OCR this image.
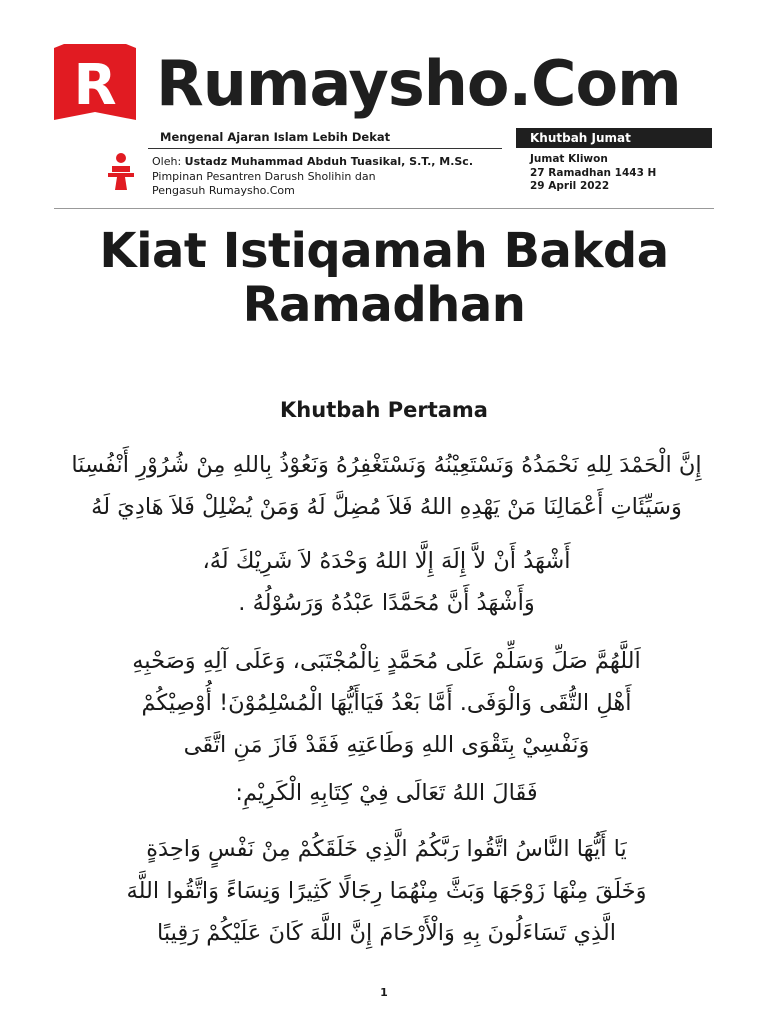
R Rumaysho.Com
Mengenal Ajaran Islam Lebih Dekat	Khutbah Jumat
Oleh: Ustadz Muhammad Abduh Tuasikal, S.T., M.Sc.
Pimpinan Pesantren Darush Sholihin dan
Pengasuh Rumaysho.Com
Jumat Kliwon
27 Ramadhan 1443 H
29 April 2022
Kiat Istiqamah Bakda
Ramadhan
Khutbah Pertama
إِنَّ الْحَمْدَ لِلهِ نَحْمَدُهُ وَنَسْتَعِيْنُهُ وَنَسْتَغْفِرُهُ وَنَعُوْذُ بِاللهِ مِنْ شُرُوْرِ أَنْفُسِنَا
وَسَيِّئَاتِ أَعْمَالِنَا مَنْ يَهْدِهِ اللهُ فَلاَ مُضِلَّ لَهُ وَمَنْ يُضْلِلْ فَلاَ هَادِيَ لَهُ
أَشْهَدُ أَنْ لاَّ إِلَهَ إِلَّا اللهُ وَحْدَهُ لاَ شَرِيْكَ لَهُ،
وَأَشْهَدُ أَنَّ مُحَمَّدًا عَبْدُهُ وَرَسُوْلُهُ .
اَللَّهُمَّ صَلِّ وَسَلِّمْ عَلَى مُحَمَّدٍ نِالْمُجْتَبَى، وَعَلَى آلِهِ وَصَحْبِهِ
أَهْلِ التُّقَى وَالْوَفَى. أَمَّا بَعْدُ فَيَاأَيُّهَا الْمُسْلِمُوْنَ! أُوْصِيْكُمْ
وَنَفْسِيْ بِتَقْوَى اللهِ وَطَاعَتِهِ فَقَدْ فَازَ مَنِ اتَّقَى
فَقَالَ اللهُ تَعَالَى فِيْ كِتَابِهِ الْكَرِيْمِ:
يَا أَيُّهَا النَّاسُ اتَّقُوا رَبَّكُمُ الَّذِي خَلَقَكُمْ مِنْ نَفْسٍ وَاحِدَةٍ
وَخَلَقَ مِنْهَا زَوْجَهَا وَبَثَّ مِنْهُمَا رِجَالًا كَثِيرًا وَنِسَاءً وَاتَّقُوا اللَّهَ
الَّذِي تَسَاءَلُونَ بِهِ وَالْأَرْحَامَ إِنَّ اللَّهَ كَانَ عَلَيْكُمْ رَقِيبًا
1
